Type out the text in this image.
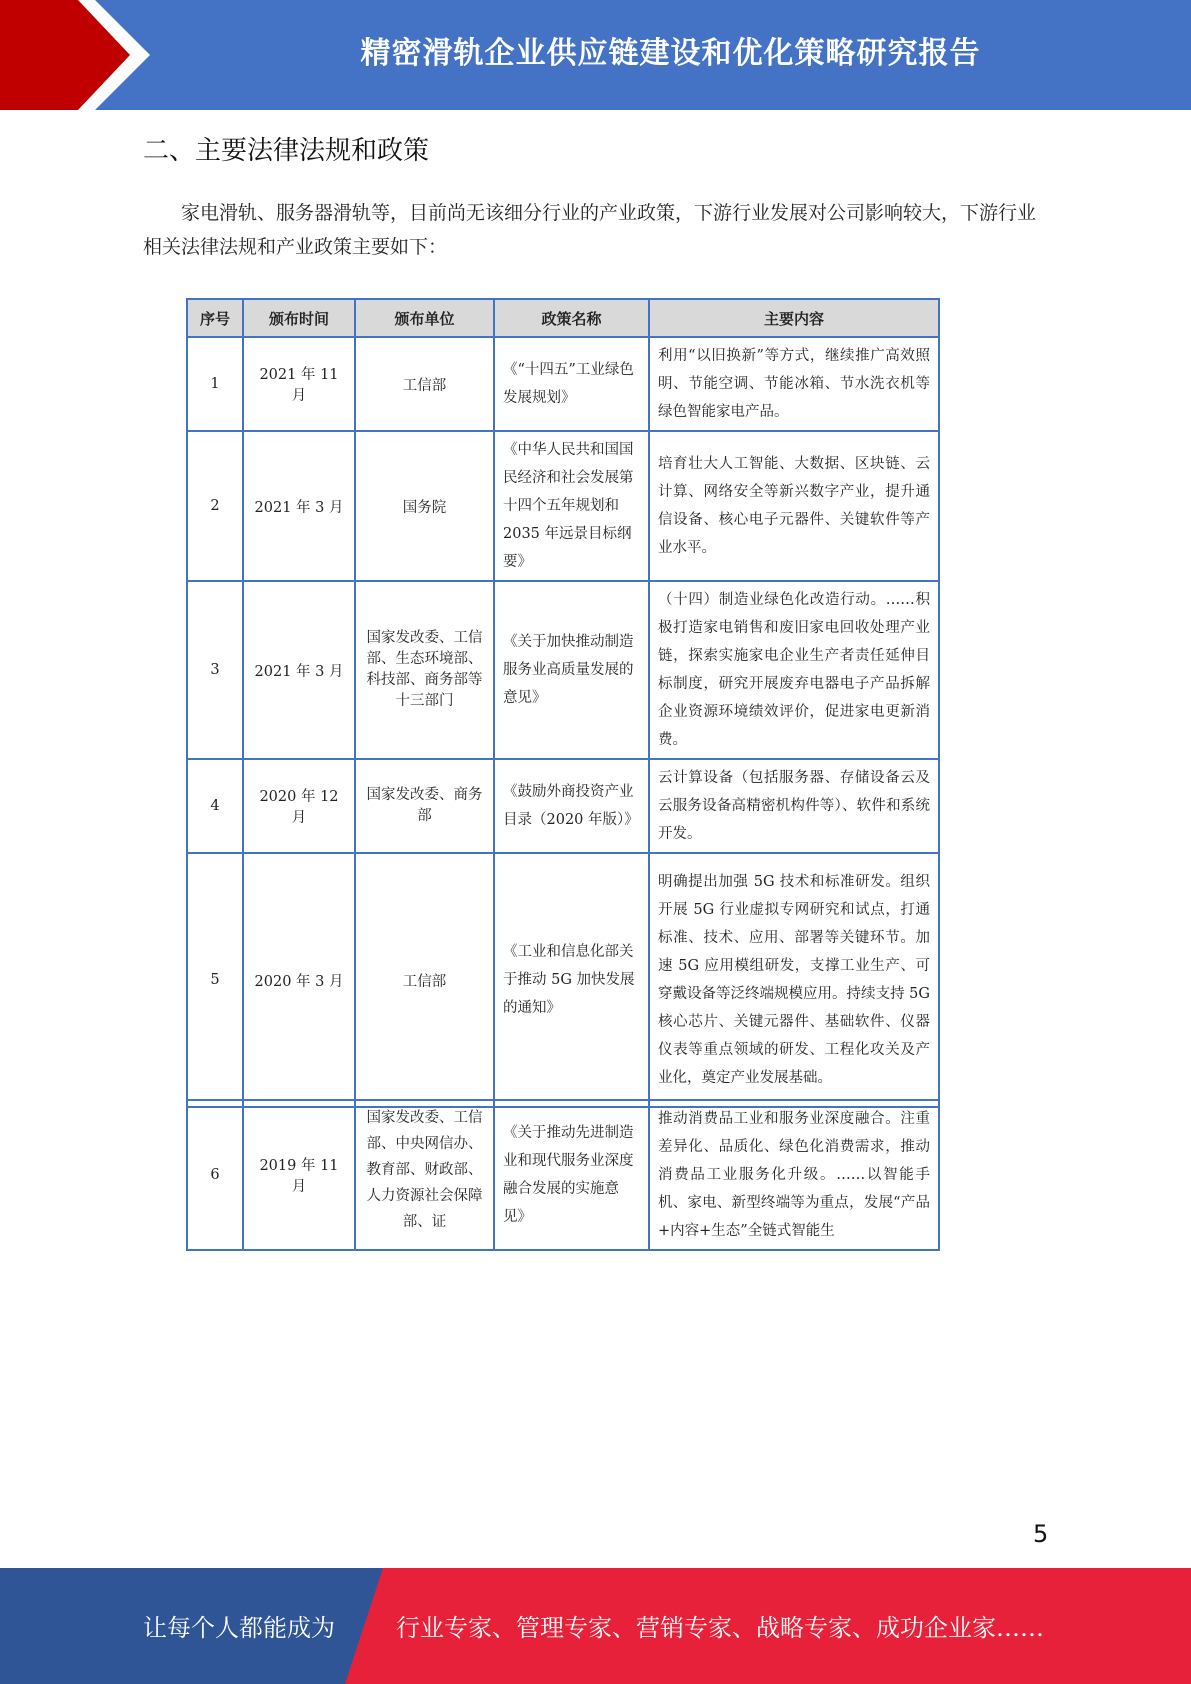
精密滑轨企业供应链建设和优化策略研究报告
二、主要法律法规和政策

家电滑轨、服务器滑轨等，目前尚无该细分行业的产业政策，下游行业发展对公司影响较大，下游行业相关法律法规和产业政策主要如下：

序号	颁布时间	颁布单位	政策名称	主要内容
1	2021 年 11 月	工信部	《“十四五”工业绿色发展规划》	利用“以旧换新”等方式，继续推广高效照明、节能空调、节能冰箱、节水洗衣机等绿色智能家电产品。
2	2021 年 3 月	国务院	《中华人民共和国国民经济和社会发展第十四个五年规划和 2035 年远景目标纲要》	培育壮大人工智能、大数据、区块链、云计算、网络安全等新兴数字产业，提升通信设备、核心电子元器件、关键软件等产业水平。
3	2021 年 3 月	国家发改委、工信部、生态环境部、科技部、商务部等十三部门	《关于加快推动制造服务业高质量发展的意见》	（十四）制造业绿色化改造行动。……积极打造家电销售和废旧家电回收处理产业链，探索实施家电企业生产者责任延伸目标制度，研究开展废弃电器电子产品拆解企业资源环境绩效评价，促进家电更新消费。
4	2020 年 12 月	国家发改委、商务部	《鼓励外商投资产业目录（2020 年版）》	云计算设备（包括服务器、存储设备云及云服务设备高精密机构件等）、软件和系统开发。
5	2020 年 3 月	工信部	《工业和信息化部关于推动 5G 加快发展的通知》	明确提出加强 5G 技术和标准研发。组织开展 5G 行业虚拟专网研究和试点，打通标准、技术、应用、部署等关键环节。加速 5G 应用模组研发，支撑工业生产、可穿戴设备等泛终端规模应用。持续支持 5G 核心芯片、关键元器件、基础软件、仪器仪表等重点领域的研发、工程化攻关及产业化，奠定产业发展基础。
6	2019 年 11 月	国家发改委、工信部、中央网信办、教育部、财政部、人力资源社会保障部、证	《关于推动先进制造业和现代服务业深度融合发展的实施意见》	推动消费品工业和服务业深度融合。注重差异化、品质化、绿色化消费需求，推动消费品工业服务化升级。……以智能手机、家电、新型终端等为重点，发展“产品+内容+生态”全链式智能生
5
让每个人都能成为	行业专家、管理专家、营销专家、战略专家、成功企业家……
